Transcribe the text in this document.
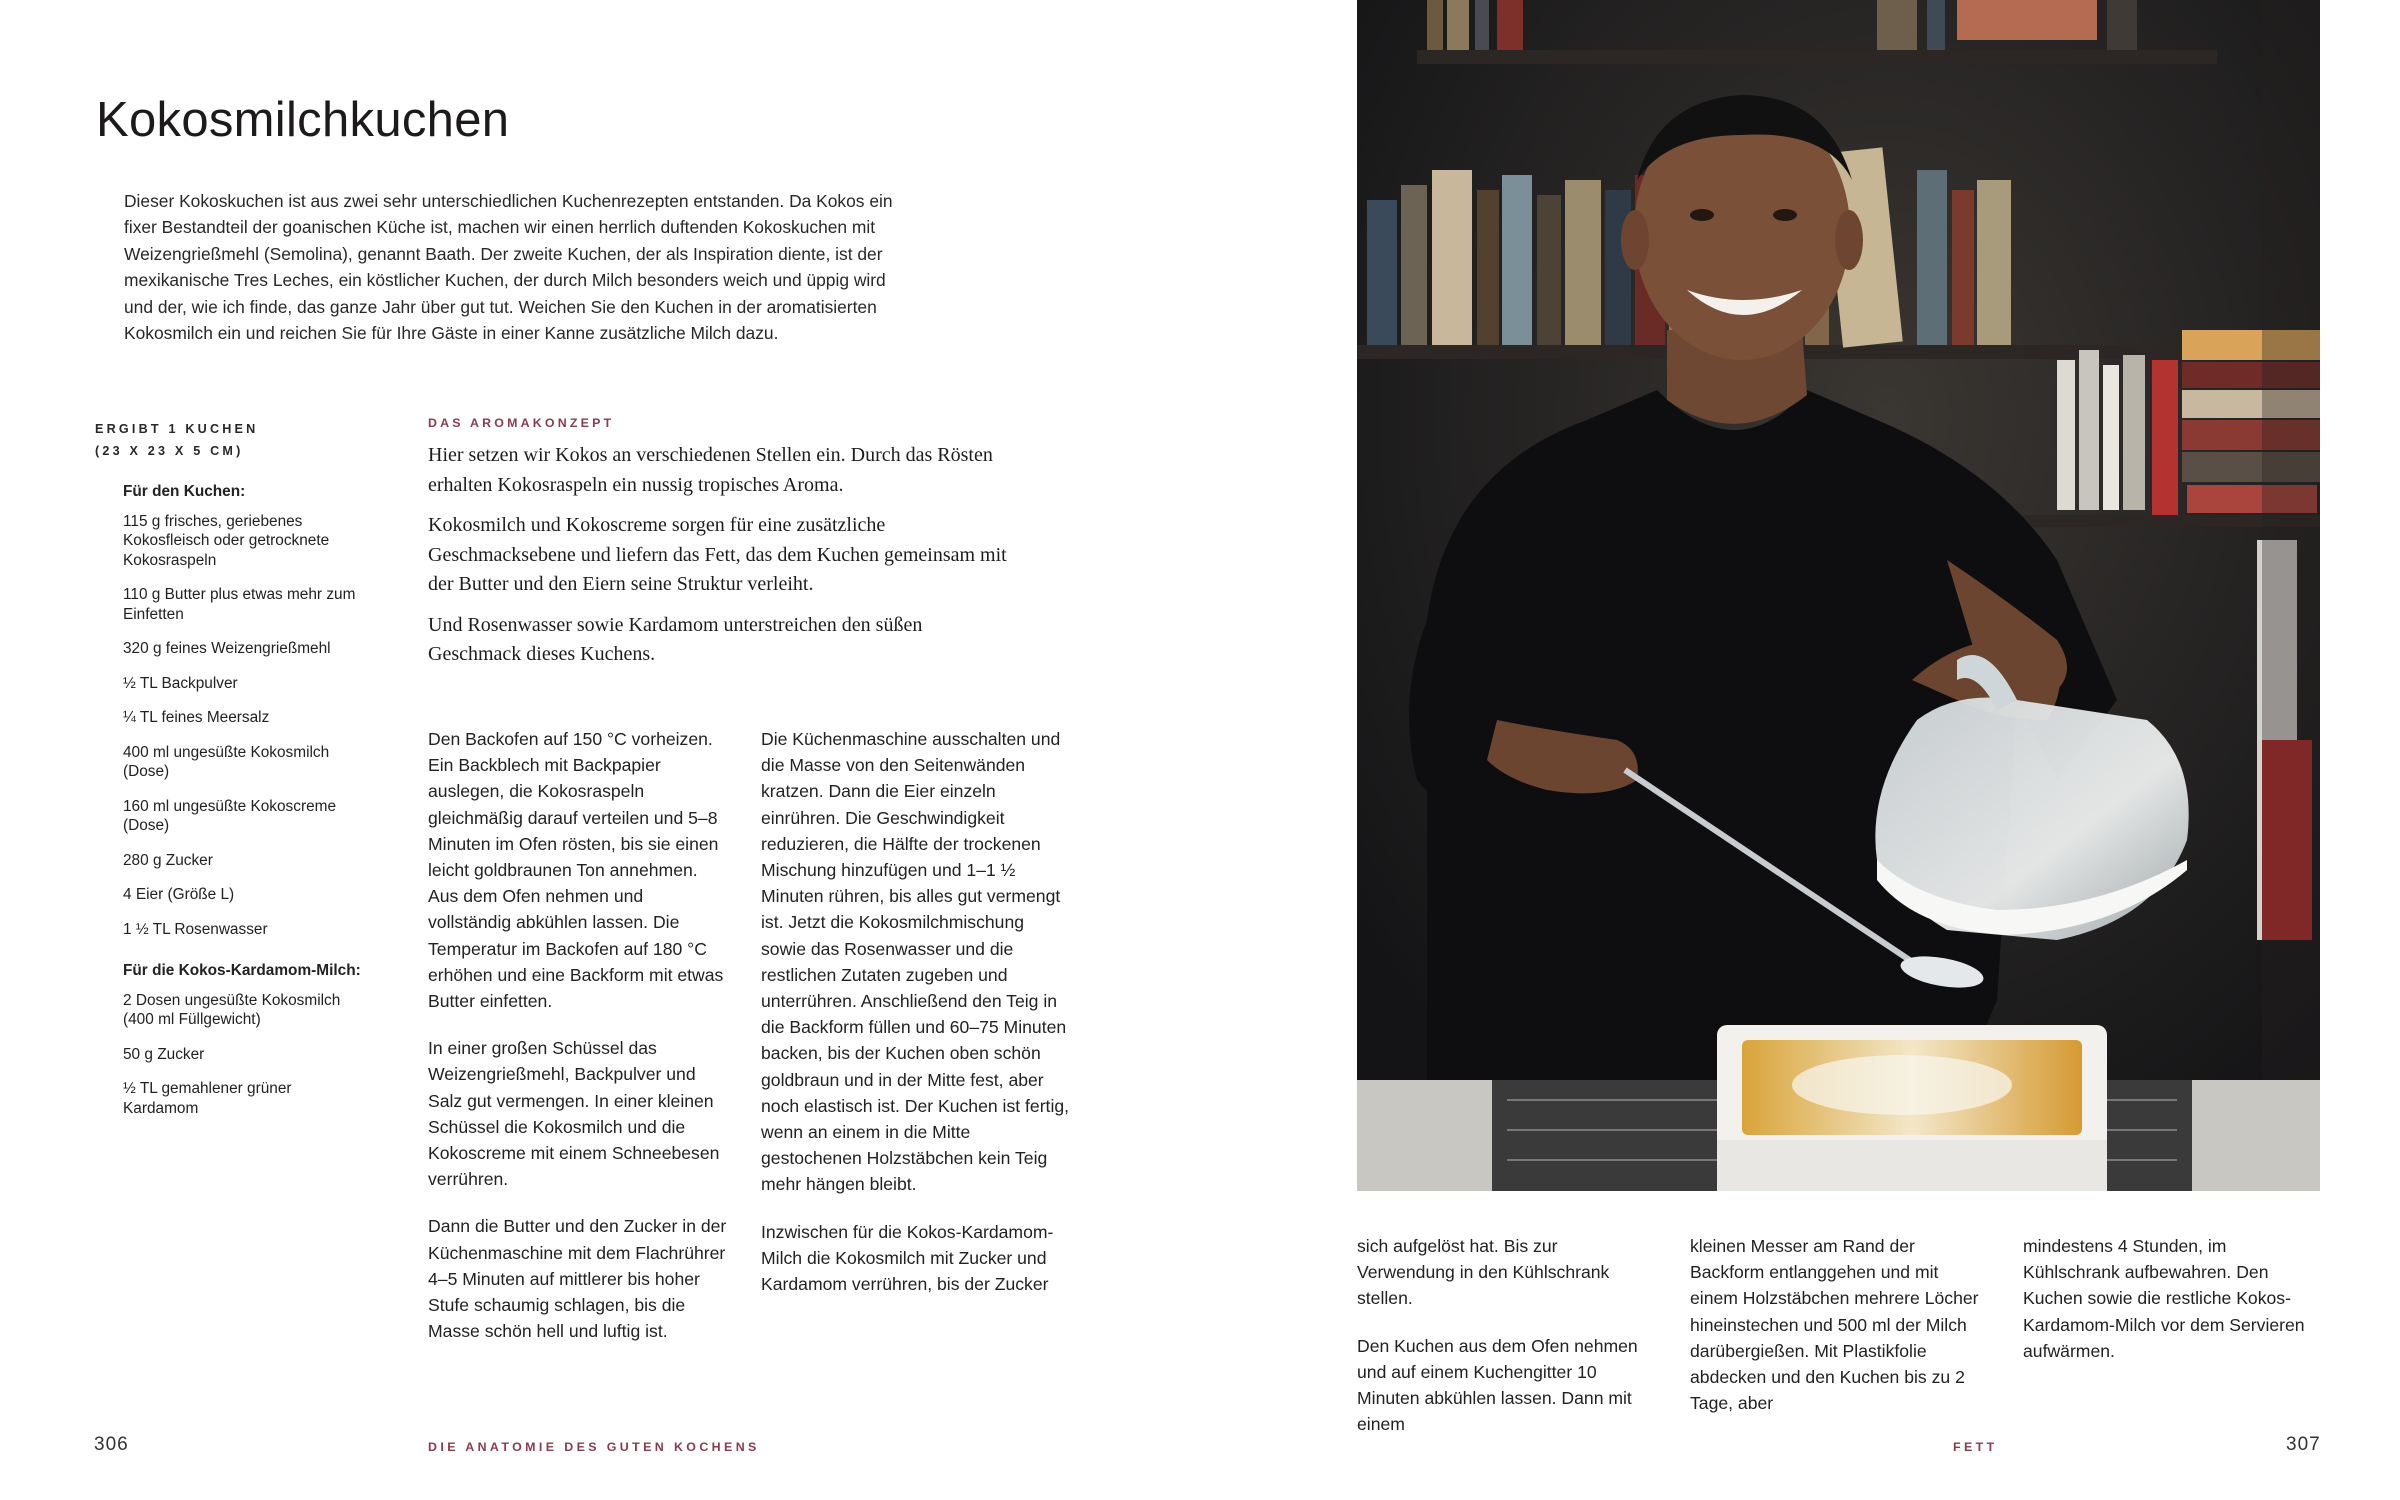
Kokosmilchkuchen

Dieser Kokoskuchen ist aus zwei sehr unterschiedlichen Kuchenrezepten entstanden. Da Kokos ein

fixer Bestandteil der goanischen Küche ist, machen wir einen herrlich duftenden Kokoskuchen mit

Weizengrießmehl (Semolina), genannt Baath. Der zweite Kuchen, der als Inspiration diente, ist der

mexikanische Tres Leches, ein köstlicher Kuchen, der durch Milch besonders weich und üppig wird

und der, wie ich finde, das ganze Jahr über gut tut. Weichen Sie den Kuchen in der aromatisierten

Kokosmilch ein und reichen Sie für Ihre Gäste in einer Kanne zusätzliche Milch dazu.

ERGIBT 1 KUCHEN
(23 X 23 X 5 CM)
Für den Kuchen:
115 g frisches, geriebenes Kokosfleisch oder getrocknete Kokosraspeln
110 g Butter plus etwas mehr zum Einfetten
320 g feines Weizengrießmehl
½ TL Backpulver
¼ TL feines Meersalz
400 ml ungesüßte Kokosmilch (Dose)
160 ml ungesüßte Kokoscreme (Dose)
280 g Zucker
4 Eier (Größe L)
1 ½ TL Rosenwasser
Für die Kokos-Kardamom-Milch:
2 Dosen ungesüßte Kokosmilch (400 ml Füllgewicht)
50 g Zucker
½ TL gemahlener grüner Kardamom
DAS AROMAKONZEPT

Hier setzen wir Kokos an verschiedenen Stellen ein. Durch das Rösten erhalten Kokosraspeln ein nussig tropisches Aroma.

Kokosmilch und Kokoscreme sorgen für eine zusätzliche Geschmacksebene und liefern das Fett, das dem Kuchen gemeinsam mit der Butter und den Eiern seine Struktur verleiht.

Und Rosenwasser sowie Kardamom unterstreichen den süßen Geschmack dieses Kuchens.

Den Backofen auf 150 °C vorheizen. Ein Backblech mit Backpapier auslegen, die Kokosraspeln gleichmäßig darauf verteilen und 5–8 Minuten im Ofen rösten, bis sie einen leicht goldbraunen Ton annehmen. Aus dem Ofen nehmen und vollständig abkühlen lassen. Die Temperatur im Backofen auf 180 °C erhöhen und eine Backform mit etwas Butter einfetten.

In einer großen Schüssel das Weizengrießmehl, Backpulver und Salz gut vermengen. In einer kleinen Schüssel die Kokosmilch und die Kokoscreme mit einem Schneebesen verrühren.

Dann die Butter und den Zucker in der Küchenmaschine mit dem Flachrührer 4–5 Minuten auf mittlerer bis hoher Stufe schaumig schlagen, bis die Masse schön hell und luftig ist.

Die Küchenmaschine ausschalten und die Masse von den Seitenwänden kratzen. Dann die Eier einzeln einrühren. Die Geschwindigkeit reduzieren, die Hälfte der trockenen Mischung hinzufügen und 1–1 ½ Minuten rühren, bis alles gut vermengt ist. Jetzt die Kokosmilchmischung sowie das Rosenwasser und die restlichen Zutaten zugeben und unterrühren. Anschließend den Teig in die Backform füllen und 60–75 Minuten backen, bis der Kuchen oben schön goldbraun und in der Mitte fest, aber noch elastisch ist. Der Kuchen ist fertig, wenn an einem in die Mitte gestochenen Holzstäbchen kein Teig mehr hängen bleibt.

Inzwischen für die Kokos-Kardamom-Milch die Kokosmilch mit Zucker und Kardamom verrühren, bis der Zucker

306	DIE ANATOMIE DES GUTEN KOCHENS

sich aufgelöst hat. Bis zur Verwendung in den Kühlschrank stellen.

Den Kuchen aus dem Ofen nehmen und auf einem Kuchengitter 10 Minuten abkühlen lassen. Dann mit einem

kleinen Messer am Rand der Backform entlanggehen und mit einem Holzstäbchen mehrere Löcher hineinstechen und 500 ml der Milch darübergießen. Mit Plastikfolie abdecken und den Kuchen bis zu 2 Tage, aber

mindestens 4 Stunden, im Kühlschrank aufbewahren. Den Kuchen sowie die restliche Kokos-Kardamom-Milch vor dem Servieren aufwärmen.

FETT	307
